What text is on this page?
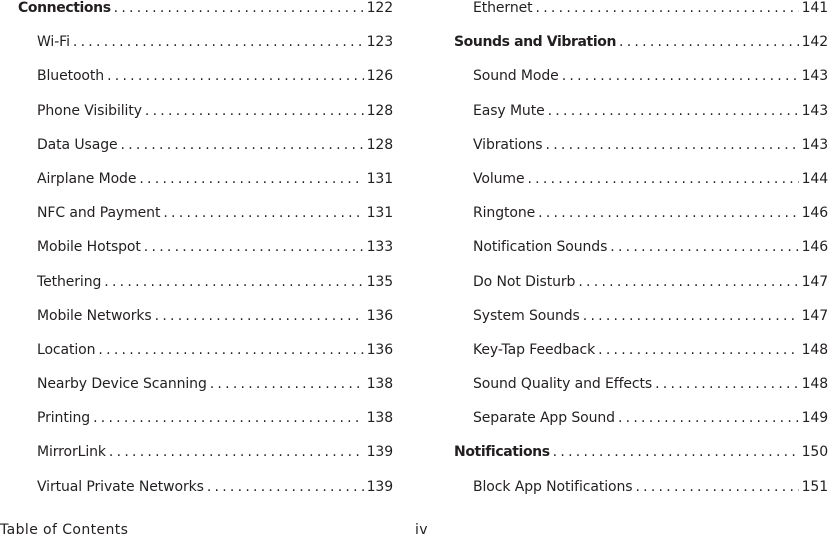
Connections . . .	122
Wi-Fi . . .	123
Bluetooth . . .	126
Phone Visibility . . .	128
Data Usage . . .	128
Airplane Mode . . .	131
NFC and Payment . . .	131
Mobile Hotspot . . .	133
Tethering . . .	135
Mobile Networks . . .	136
Location . . .	136
Nearby Device Scanning . . .	138
Printing . . .	138
MirrorLink . . .	139
Virtual Private Networks . . .	139
Ethernet . . .	141
Sounds and Vibration . . .	142
Sound Mode . . .	143
Easy Mute . . .	143
Vibrations . . .	143
Volume . . .	144
Ringtone . . .	146
Notification Sounds . . .	146
Do Not Disturb . . .	147
System Sounds . . .	147
Key-Tap Feedback . . .	148
Sound Quality and Effects . . .	148
Separate App Sound . . .	149
Notifications . . .	150
Block App Notifications . . .	151
Table of Contents	iv
